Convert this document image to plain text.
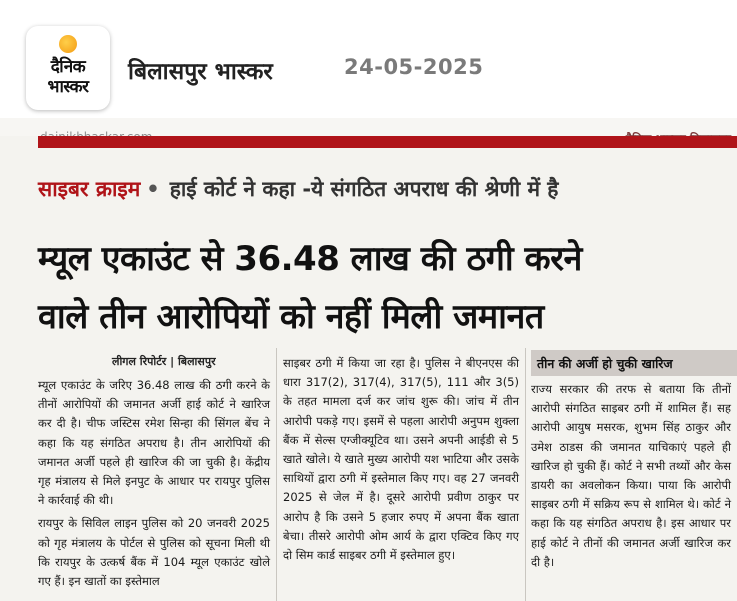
दैनिक
भास्कर
बिलासपुर भास्कर	24-05-2025
साइबर क्राइम • हाई कोर्ट ने कहा -ये संगठित अपराध की श्रेणी में है
म्यूल एकाउंट से 36.48 लाख की ठगी करने
वाले तीन आरोपियों को नहीं मिली जमानत
लीगल रिपोर्टर | बिलासपुर

म्यूल एकाउंट के जरिए 36.48 लाख की ठगी करने के तीनों आरोपियों की जमानत अर्जी हाई कोर्ट ने खारिज कर दी है। चीफ जस्टिस रमेश सिन्हा की सिंगल बेंच ने कहा कि यह संगठित अपराध है। तीन आरोपियों की जमानत अर्जी पहले ही खारिज की जा चुकी है। केंद्रीय गृह मंत्रालय से मिले इनपुट के आधार पर रायपुर पुलिस ने कार्रवाई की थी।

रायपुर के सिविल लाइन पुलिस को 20 जनवरी 2025 को गृह मंत्रालय के पोर्टल से पुलिस को सूचना मिली थी कि रायपुर के उत्कर्ष बैंक में 104 म्यूल एकाउंट खोले गए हैं। इन खातों का इस्तेमाल

साइबर ठगी में किया जा रहा है। पुलिस ने बीएनएस की धारा 317(2), 317(4), 317(5), 111 और 3(5) के तहत मामला दर्ज कर जांच शुरू की। जांच में तीन आरोपी पकड़े गए। इसमें से पहला आरोपी अनुपम शुक्ला बैंक में सेल्स एग्जीक्यूटिव था। उसने अपनी आईडी से 5 खाते खोले। ये खाते मुख्य आरोपी यश भाटिया और उसके साथियों द्वारा ठगी में इस्तेमाल किए गए। वह 27 जनवरी 2025 से जेल में है। दूसरे आरोपी प्रवीण ठाकुर पर आरोप है कि उसने 5 हजार रुपए में अपना बैंक खाता बेचा। तीसरे आरोपी ओम आर्य के द्वारा एक्टिव किए गए दो सिम कार्ड साइबर ठगी में इस्तेमाल हुए।

तीन की अर्जी हो चुकी खारिज

राज्य सरकार की तरफ से बताया कि तीनों आरोपी संगठित साइबर ठगी में शामिल हैं। सह आरोपी आयुष मसरक, शुभम सिंह ठाकुर और उमेश ठाडस की जमानत याचिकाएं पहले ही खारिज हो चुकी हैं। कोर्ट ने सभी तथ्यों और केस डायरी का अवलोकन किया। पाया कि आरोपी साइबर ठगी में सक्रिय रूप से शामिल थे। कोर्ट ने कहा कि यह संगठित अपराध है। इस आधार पर हाई कोर्ट ने तीनों की जमानत अर्जी खारिज कर दी है।
